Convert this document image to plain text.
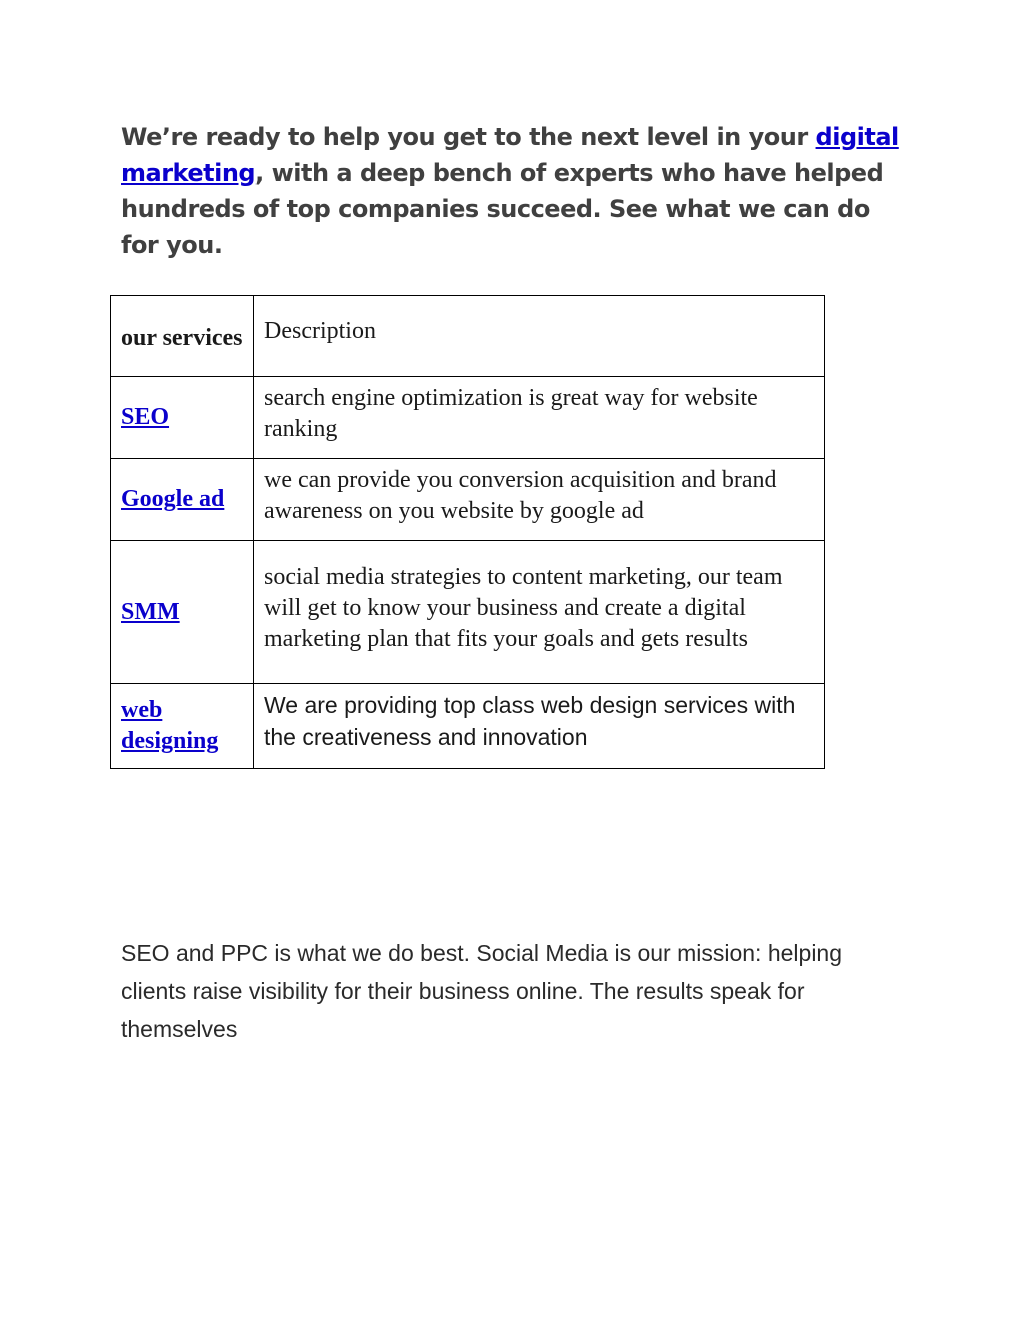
We’re ready to help you get to the next level in your digital marketing, with a deep bench of experts who have helped hundreds of top companies succeed. See what we can do for you.

our services	Description

SEO	search engine optimization is great way for website ranking

Google ad	we can provide you conversion acquisition and brand awareness on you website by google ad

SMM	social media strategies to content marketing, our team will get to know your business and create a digital marketing plan that fits your goals and gets results

web designing	We are providing top class web design services with the creativeness and innovation

SEO and PPC is what we do best. Social Media is our mission: helping clients raise visibility for their business online. The results speak for themselves
